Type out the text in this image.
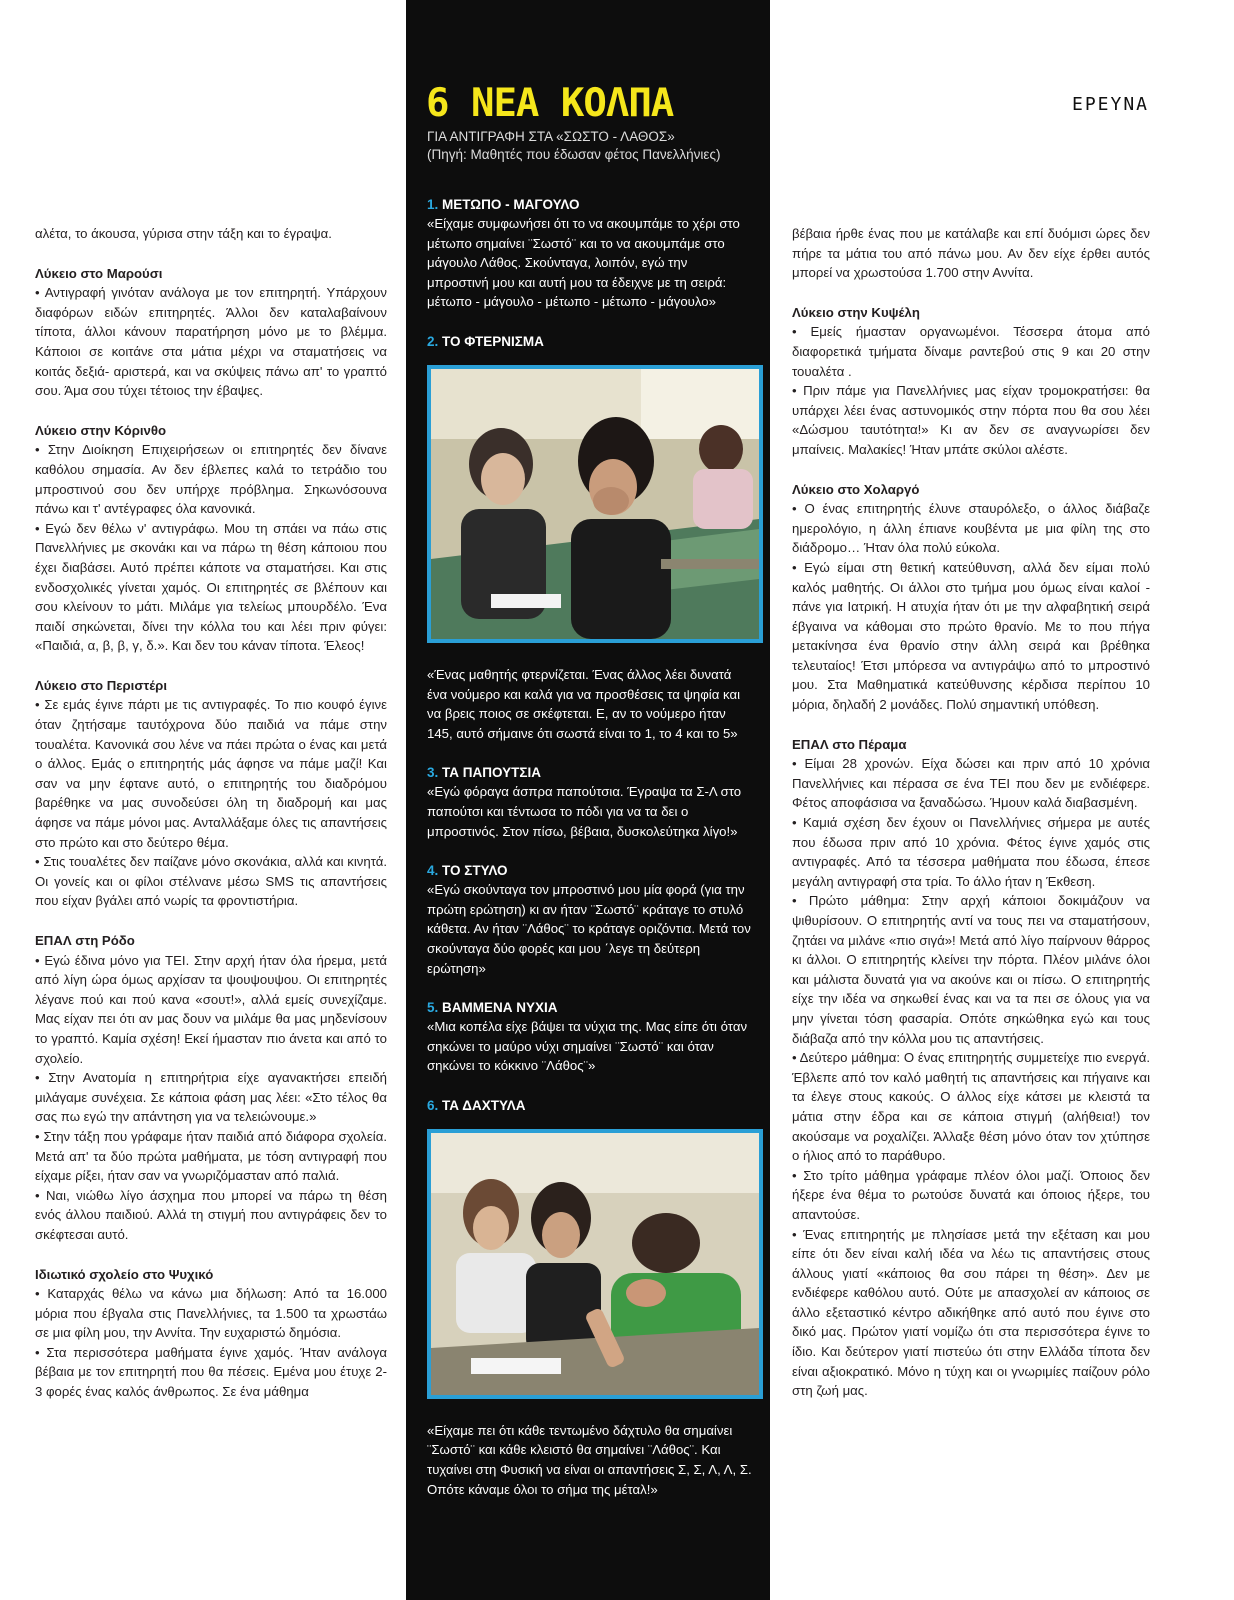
ΕΡΕΥΝΑ

αλέτα, το άκουσα, γύρισα στην τάξη και το έγραψα.

Λύκειο στο Μαρούσι

• Αντιγραφή γινόταν ανάλογα με τον επιτηρητή. Υπάρχουν διαφόρων ειδών επιτηρητές. Άλλοι δεν καταλαβαίνουν τίποτα, άλλοι κάνουν παρατήρηση μόνο με το βλέμμα. Κάποιοι σε κοιτάνε στα μάτια μέχρι να σταματήσεις να κοιτάς δεξιά- αριστερά, και να σκύψεις πάνω απ' το γραπτό σου. Άμα σου τύχει τέτοιος την έβαψες.

Λύκειο στην Κόρινθο

• Στην Διοίκηση Επιχειρήσεων οι επιτηρητές δεν δίνανε καθόλου σημασία. Αν δεν έβλεπες καλά το τετράδιο του μπροστινού σου δεν υπήρχε πρόβλημα. Σηκωνόσουνα πάνω και τ' αντέγραφες όλα κανονικά.

• Εγώ δεν θέλω ν' αντιγράφω. Μου τη σπάει να πάω στις Πανελλήνιες με σκονάκι και να πάρω τη θέση κάποιου που έχει διαβάσει. Αυτό πρέπει κάποτε να σταματήσει. Και στις ενδοσχολικές γίνεται χαμός. Οι επιτηρητές σε βλέπουν και σου κλείνουν το μάτι. Μιλάμε για τελείως μπουρδέλο. Ένα παιδί σηκώνεται, δίνει την κόλλα του και λέει πριν φύγει: «Παιδιά, α, β, β, γ, δ.». Και δεν του κάναν τίποτα. Έλεος!

Λύκειο στο Περιστέρι

• Σε εμάς έγινε πάρτι με τις αντιγραφές. Το πιο κουφό έγινε όταν ζητήσαμε ταυτόχρονα δύο παιδιά να πάμε στην τουαλέτα. Κανονικά σου λένε να πάει πρώτα ο ένας και μετά ο άλλος. Εμάς ο επιτηρητής μάς άφησε να πάμε μαζί! Και σαν να μην έφτανε αυτό, ο επιτηρητής του διαδρόμου βαρέθηκε να μας συνοδεύσει όλη τη διαδρομή και μας άφησε να πάμε μόνοι μας. Ανταλλάξαμε όλες τις απαντήσεις στο πρώτο και στο δεύτερο θέμα.

• Στις τουαλέτες δεν παίζανε μόνο σκονάκια, αλλά και κινητά. Οι γονείς και οι φίλοι στέλνανε μέσω SMS τις απαντήσεις που είχαν βγάλει από νωρίς τα φροντιστήρια.

ΕΠΑΛ στη Ρόδο

• Εγώ έδινα μόνο για ΤΕΙ. Στην αρχή ήταν όλα ήρεμα, μετά από λίγη ώρα όμως αρχίσαν τα ψουψουψου. Οι επιτηρητές λέγανε πού και πού κανα «σουτ!», αλλά εμείς συνεχίζαμε. Μας είχαν πει ότι αν μας δουν να μιλάμε θα μας μηδενίσουν το γραπτό. Καμία σχέση! Εκεί ήμασταν πιο άνετα και από το σχολείο.

• Στην Ανατομία η επιτηρήτρια είχε αγανακτήσει επειδή μιλάγαμε συνέχεια. Σε κάποια φάση μας λέει: «Στο τέλος θα σας πω εγώ την απάντηση για να τελειώνουμε.»

• Στην τάξη που γράφαμε ήταν παιδιά από διάφορα σχολεία. Μετά απ' τα δύο πρώτα μαθήματα, με τόση αντιγραφή που είχαμε ρίξει, ήταν σαν να γνωριζόμασταν από παλιά.

• Ναι, νιώθω λίγο άσχημα που μπορεί να πάρω τη θέση ενός άλλου παιδιού. Αλλά τη στιγμή που αντιγράφεις δεν το σκέφτεσαι αυτό.

Ιδιωτικό σχολείο στο Ψυχικό

• Καταρχάς θέλω να κάνω μια δήλωση: Από τα 16.000 μόρια που έβγαλα στις Πανελλήνιες, τα 1.500 τα χρωστάω σε μια φίλη μου, την Αννίτα. Την ευχαριστώ δημόσια.

• Στα περισσότερα μαθήματα έγινε χαμός. Ήταν ανάλογα βέβαια με τον επιτηρητή που θα πέσεις. Εμένα μου έτυχε 2-3 φορές ένας καλός άνθρωπος. Σε ένα μάθημα

6 ΝΕΑ ΚΟΛΠΑ
ΓΙΑ ΑΝΤΙΓΡΑΦΗ ΣΤΑ «ΣΩΣΤΟ - ΛΑΘΟΣ»
(Πηγή: Μαθητές που έδωσαν φέτος Πανελλήνιες)

1. ΜΕΤΩΠΟ - ΜΑΓΟΥΛΟ

«Είχαμε συμφωνήσει ότι το να ακουμπάμε το χέρι στο μέτωπο σημαίνει ¨Σωστό¨ και το να ακουμπάμε στο μάγουλο Λάθος. Σκούνταγα, λοιπόν, εγώ την μπροστινή μου και αυτή μου τα έδειχνε με τη σειρά: μέτωπο - μάγουλο - μέτωπο - μέτωπο - μάγουλο»

2. ΤΟ ΦΤΕΡΝΙΣΜΑ

«Ένας μαθητής φτερνίζεται. Ένας άλλος λέει δυνατά ένα νούμερο και καλά για να προσθέσεις τα ψηφία και να βρεις ποιος σε σκέφτεται. Ε, αν το νούμερο ήταν 145, αυτό σήμαινε ότι σωστά είναι το 1, το 4 και το 5»

3. ΤΑ ΠΑΠΟΥΤΣΙΑ

«Εγώ φόραγα άσπρα παπούτσια. Έγραψα τα Σ-Λ στο παπούτσι και τέντωσα το πόδι για να τα δει ο μπροστινός. Στον πίσω, βέβαια, δυσκολεύτηκα λίγο!»

4. ΤΟ ΣΤΥΛΟ

«Εγώ σκούνταγα τον μπροστινό μου μία φορά (για την πρώτη ερώτηση) κι αν ήταν ¨Σωστό¨ κράταγε το στυλό κάθετα. Αν ήταν ¨Λάθος¨ το κράταγε οριζόντια. Μετά τον σκούνταγα δύο φορές και μου ΄λεγε τη δεύτερη ερώτηση»

5. ΒΑΜΜΕΝΑ ΝΥΧΙΑ

«Μια κοπέλα είχε βάψει τα νύχια της. Μας είπε ότι όταν σηκώνει το μαύρο νύχι σημαίνει ¨Σωστό¨ και όταν σηκώνει το κόκκινο ¨Λάθος¨»

6. ΤΑ ΔΑΧΤΥΛΑ

«Είχαμε πει ότι κάθε τεντωμένο δάχτυλο θα σημαίνει ¨Σωστό¨ και κάθε κλειστό θα σημαίνει ¨Λάθος¨. Και τυχαίνει στη Φυσική να είναι οι απαντήσεις Σ, Σ, Λ, Λ, Σ. Οπότε κάναμε όλοι το σήμα της μέταλ!»

βέβαια ήρθε ένας που με κατάλαβε και επί δυόμισι ώρες δεν πήρε τα μάτια του από πάνω μου. Αν δεν είχε έρθει αυτός μπορεί να χρωστούσα 1.700 στην Αννίτα.

Λύκειο στην Κυψέλη

• Εμείς ήμασταν οργανωμένοι. Τέσσερα άτομα από διαφορετικά τμήματα δίναμε ραντεβού στις 9 και 20 στην τουαλέτα .

• Πριν πάμε για Πανελλήνιες μας είχαν τρομοκρατήσει: θα υπάρχει λέει ένας αστυνομικός στην πόρτα που θα σου λέει «Δώσμου ταυτότητα!» Κι αν δεν σε αναγνωρίσει δεν μπαίνεις. Μαλακίες! Ήταν μπάτε σκύλοι αλέστε.

Λύκειο στο Χολαργό

• Ο ένας επιτηρητής έλυνε σταυρόλεξο, ο άλλος διάβαζε ημερολόγιο, η άλλη έπιανε κουβέντα με μια φίλη της στο διάδρομο… Ήταν όλα πολύ εύκολα.

• Εγώ είμαι στη θετική κατεύθυνση, αλλά δεν είμαι πολύ καλός μαθητής. Οι άλλοι στο τμήμα μου όμως είναι καλοί - πάνε για Ιατρική. Η ατυχία ήταν ότι με την αλφαβητική σειρά έβγαινα να κάθομαι στο πρώτο θρανίο. Με το που πήγα μετακίνησα ένα θρανίο στην άλλη σειρά και βρέθηκα τελευταίος! Έτσι μπόρεσα να αντιγράψω από το μπροστινό μου. Στα Μαθηματικά κατεύθυνσης κέρδισα περίπου 10 μόρια, δηλαδή 2 μονάδες. Πολύ σημαντική υπόθεση.

ΕΠΑΛ στο Πέραμα

• Είμαι 28 χρονών. Είχα δώσει και πριν από 10 χρόνια Πανελλήνιες και πέρασα σε ένα ΤΕΙ που δεν με ενδιέφερε. Φέτος αποφάσισα να ξαναδώσω. Ήμουν καλά διαβασμένη.

• Καμιά σχέση δεν έχουν οι Πανελλήνιες σήμερα με αυτές που έδωσα πριν από 10 χρόνια. Φέτος έγινε χαμός στις αντιγραφές. Από τα τέσσερα μαθήματα που έδωσα, έπεσε μεγάλη αντιγραφή στα τρία. Το άλλο ήταν η Έκθεση.

• Πρώτο μάθημα: Στην αρχή κάποιοι δοκιμάζουν να ψιθυρίσουν. Ο επιτηρητής αντί να τους πει να σταματήσουν, ζητάει να μιλάνε «πιο σιγά»! Μετά από λίγο παίρνουν θάρρος κι άλλοι. Ο επιτηρητής κλείνει την πόρτα. Πλέον μιλάνε όλοι και μάλιστα δυνατά για να ακούνε και οι πίσω. Ο επιτηρητής είχε την ιδέα να σηκωθεί ένας και να τα πει σε όλους για να μην γίνεται τόση φασαρία. Οπότε σηκώθηκα εγώ και τους διάβαζα από την κόλλα μου τις απαντήσεις.

• Δεύτερο μάθημα: Ο ένας επιτηρητής συμμετείχε πιο ενεργά. Έβλεπε από τον καλό μαθητή τις απαντήσεις και πήγαινε και τα έλεγε στους κακούς. Ο άλλος είχε κάτσει με κλειστά τα μάτια στην έδρα και σε κάποια στιγμή (αλήθεια!) τον ακούσαμε να ροχαλίζει. Άλλαξε θέση μόνο όταν τον χτύπησε ο ήλιος από το παράθυρο.

• Στο τρίτο μάθημα γράφαμε πλέον όλοι μαζί. Όποιος δεν ήξερε ένα θέμα το ρωτούσε δυνατά και όποιος ήξερε, του απαντούσε.

• Ένας επιτηρητής με πλησίασε μετά την εξέταση και μου είπε ότι δεν είναι καλή ιδέα να λέω τις απαντήσεις στους άλλους γιατί «κάποιος θα σου πάρει τη θέση». Δεν με ενδιέφερε καθόλου αυτό. Ούτε με απασχολεί αν κάποιος σε άλλο εξεταστικό κέντρο αδικήθηκε από αυτό που έγινε στο δικό μας. Πρώτον γιατί νομίζω ότι στα περισσότερα έγινε το ίδιο. Και δεύτερον γιατί πιστεύω ότι στην Ελλάδα τίποτα δεν είναι αξιοκρατικό. Μόνο η τύχη και οι γνωριμίες παίζουν ρόλο στη ζωή μας.
